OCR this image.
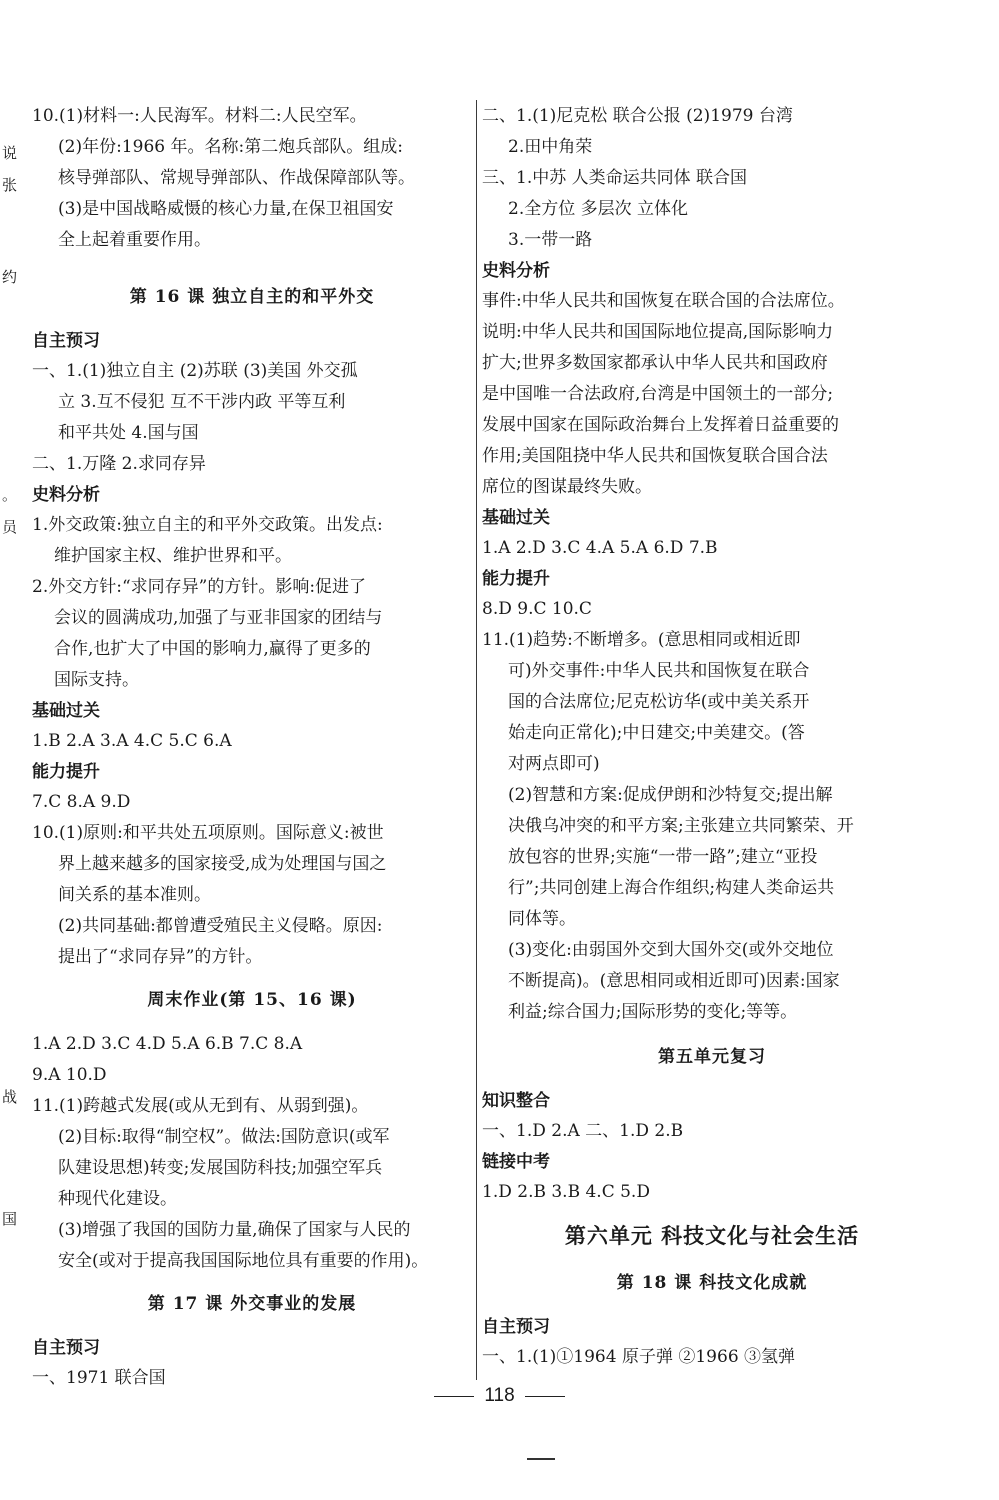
说
张
约
。
员
战
国
10.(1)材料一:人民海军。材料二:人民空军。
(2)年份:1966 年。名称:第二炮兵部队。组成:
核导弹部队、常规导弹部队、作战保障部队等。
(3)是中国战略威慑的核心力量,在保卫祖国安
全上起着重要作用。
第 16 课 独立自主的和平外交
自主预习
一、1.(1)独立自主 (2)苏联 (3)美国 外交孤
立 3.互不侵犯 互不干涉内政 平等互利
和平共处 4.国与国
二、1.万隆 2.求同存异
史料分析
1.外交政策:独立自主的和平外交政策。出发点:
维护国家主权、维护世界和平。
2.外交方针:“求同存异”的方针。影响:促进了
会议的圆满成功,加强了与亚非国家的团结与
合作,也扩大了中国的影响力,赢得了更多的
国际支持。
基础过关
1.B 2.A 3.A 4.C 5.C 6.A
能力提升
7.C 8.A 9.D
10.(1)原则:和平共处五项原则。国际意义:被世
界上越来越多的国家接受,成为处理国与国之
间关系的基本准则。
(2)共同基础:都曾遭受殖民主义侵略。原因:
提出了“求同存异”的方针。
周末作业(第 15、16 课)
1.A 2.D 3.C 4.D 5.A 6.B 7.C 8.A
9.A 10.D
11.(1)跨越式发展(或从无到有、从弱到强)。
(2)目标:取得“制空权”。做法:国防意识(或军
队建设思想)转变;发展国防科技;加强空军兵
种现代化建设。
(3)增强了我国的国防力量,确保了国家与人民的
安全(或对于提高我国国际地位具有重要的作用)。
第 17 课 外交事业的发展
自主预习
一、1971 联合国
二、1.(1)尼克松 联合公报 (2)1979 台湾
2.田中角荣
三、1.中苏 人类命运共同体 联合国
2.全方位 多层次 立体化
3.一带一路
史料分析
事件:中华人民共和国恢复在联合国的合法席位。
说明:中华人民共和国国际地位提高,国际影响力
扩大;世界多数国家都承认中华人民共和国政府
是中国唯一合法政府,台湾是中国领土的一部分;
发展中国家在国际政治舞台上发挥着日益重要的
作用;美国阻挠中华人民共和国恢复联合国合法
席位的图谋最终失败。
基础过关
1.A 2.D 3.C 4.A 5.A 6.D 7.B
能力提升
8.D 9.C 10.C
11.(1)趋势:不断增多。(意思相同或相近即
可)外交事件:中华人民共和国恢复在联合
国的合法席位;尼克松访华(或中美关系开
始走向正常化);中日建交;中美建交。(答
对两点即可)
(2)智慧和方案:促成伊朗和沙特复交;提出解
决俄乌冲突的和平方案;主张建立共同繁荣、开
放包容的世界;实施“一带一路”;建立“亚投
行”;共同创建上海合作组织;构建人类命运共
同体等。
(3)变化:由弱国外交到大国外交(或外交地位
不断提高)。(意思相同或相近即可)因素:国家
利益;综合国力;国际形势的变化;等等。
第五单元复习
知识整合
一、1.D 2.A 二、1.D 2.B
链接中考
1.D 2.B 3.B 4.C 5.D
第六单元 科技文化与社会生活
第 18 课 科技文化成就
自主预习
一、1.(1)①1964 原子弹 ②1966 ③氢弹
118
